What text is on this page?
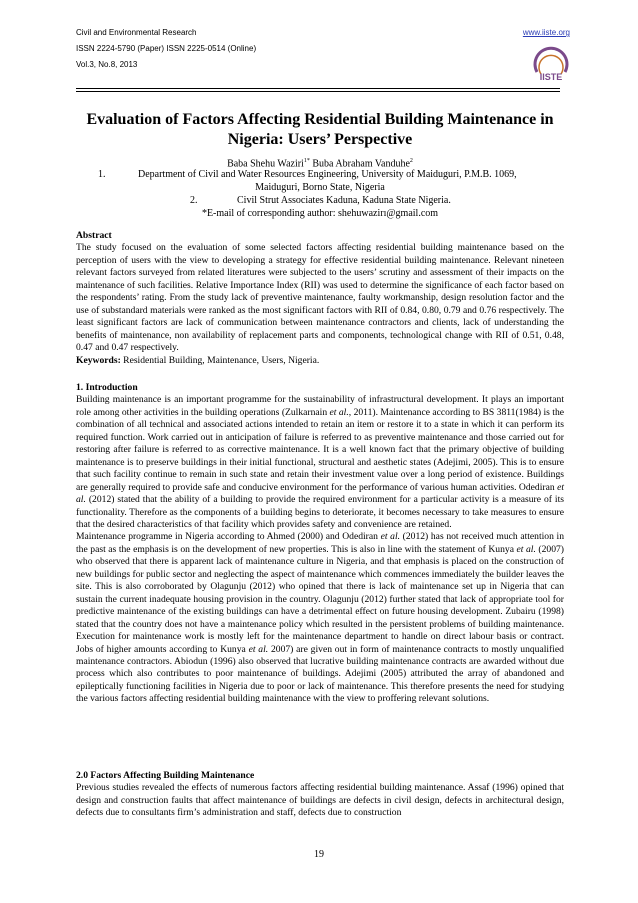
Civil and Environmental Research
ISSN 2224-5790 (Paper) ISSN 2225-0514 (Online)
Vol.3, No.8, 2013
www.iiste.org
IISTE
Evaluation of Factors Affecting Residential Building Maintenance in Nigeria: Users’ Perspective
Baba Shehu Waziri$^{1*}$ Buba Abraham Vanduhe$^2$
1.	Department of Civil and Water Resources Engineering, University of Maiduguri, P.M.B. 1069,
Maiduguri, Borno State, Nigeria
2.	Civil Strut Associates Kaduna, Kaduna State Nigeria.
*E-mail of corresponding author: shehuwazirı@gmail.com

Abstract

The study focused on the evaluation of some selected factors affecting residential building maintenance based on the perception of users with the view to developing a strategy for effective residential building maintenance. Relevant nineteen relevant factors surveyed from related literatures were subjected to the users’ scrutiny and assessment of their impacts on the maintenance of such facilities. Relative Importance Index (RII) was used to determine the significance of each factor based on the respondents’ rating. From the study lack of preventive maintenance, faulty workmanship, design resolution factor and the use of substandard materials were ranked as the most significant factors with RII of 0.84, 0.80, 0.79 and 0.76 respectively. The least significant factors are lack of communication between maintenance contractors and clients, lack of understanding the benefits of maintenance, non availability of replacement parts and components, technological change with RII of 0.51, 0.48, 0.47 and 0.47 respectively.

Keywords: Residential Building, Maintenance, Users, Nigeria.

1. Introduction

Building maintenance is an important programme for the sustainability of infrastructural development. It plays an important role among other activities in the building operations (Zulkarnain et al., 2011). Maintenance according to BS 3811(1984) is the combination of all technical and associated actions intended to retain an item or restore it to a state in which it can perform its required function. Work carried out in anticipation of failure is referred to as preventive maintenance and those carried out for restoring after failure is referred to as corrective maintenance. It is a well known fact that the primary objective of building maintenance is to preserve buildings in their initial functional, structural and aesthetic states (Adejimi, 2005). This is to ensure that such facility continue to remain in such state and retain their investment value over a long period of existence. Buildings are generally required to provide safe and conducive environment for the performance of various human activities. Odediran et al. (2012) stated that the ability of a building to provide the required environment for a particular activity is a measure of its functionality. Therefore as the components of a building begins to deteriorate, it becomes necessary to take measures to ensure that the desired characteristics of that facility which provides safety and convenience are retained.

Maintenance programme in Nigeria according to Ahmed (2000) and Odediran et al. (2012) has not received much attention in the past as the emphasis is on the development of new properties. This is also in line with the statement of Kunya et al. (2007) who observed that there is apparent lack of maintenance culture in Nigeria, and that emphasis is placed on the construction of new buildings for public sector and neglecting the aspect of maintenance which commences immediately the builder leaves the site. This is also corroborated by Olagunju (2012) who opined that there is lack of maintenance set up in Nigeria that can sustain the current inadequate housing provision in the country. Olagunju (2012) further stated that lack of appropriate tool for predictive maintenance of the existing buildings can have a detrimental effect on future housing development. Zubairu (1998) stated that the country does not have a maintenance policy which resulted in the persistent problems of building maintenance. Execution for maintenance work is mostly left for the maintenance department to handle on direct labour basis or contract. Jobs of higher amounts according to Kunya et al. 2007) are given out in form of maintenance contracts to mostly unqualified maintenance contractors. Abiodun (1996) also observed that lucrative building maintenance contracts are awarded without due process which also contributes to poor maintenance of buildings. Adejimi (2005) attributed the array of abandoned and epileptically functioning facilities in Nigeria due to poor or lack of maintenance. This therefore presents the need for studying the various factors affecting residential building maintenance with the view to proffering relevant solutions.

2.0 Factors Affecting Building Maintenance

Previous studies revealed the effects of numerous factors affecting residential building maintenance. Assaf (1996) opined that design and construction faults that affect maintenance of buildings are defects in civil design, defects in architectural design, defects due to consultants firm’s administration and staff, defects due to construction

19
